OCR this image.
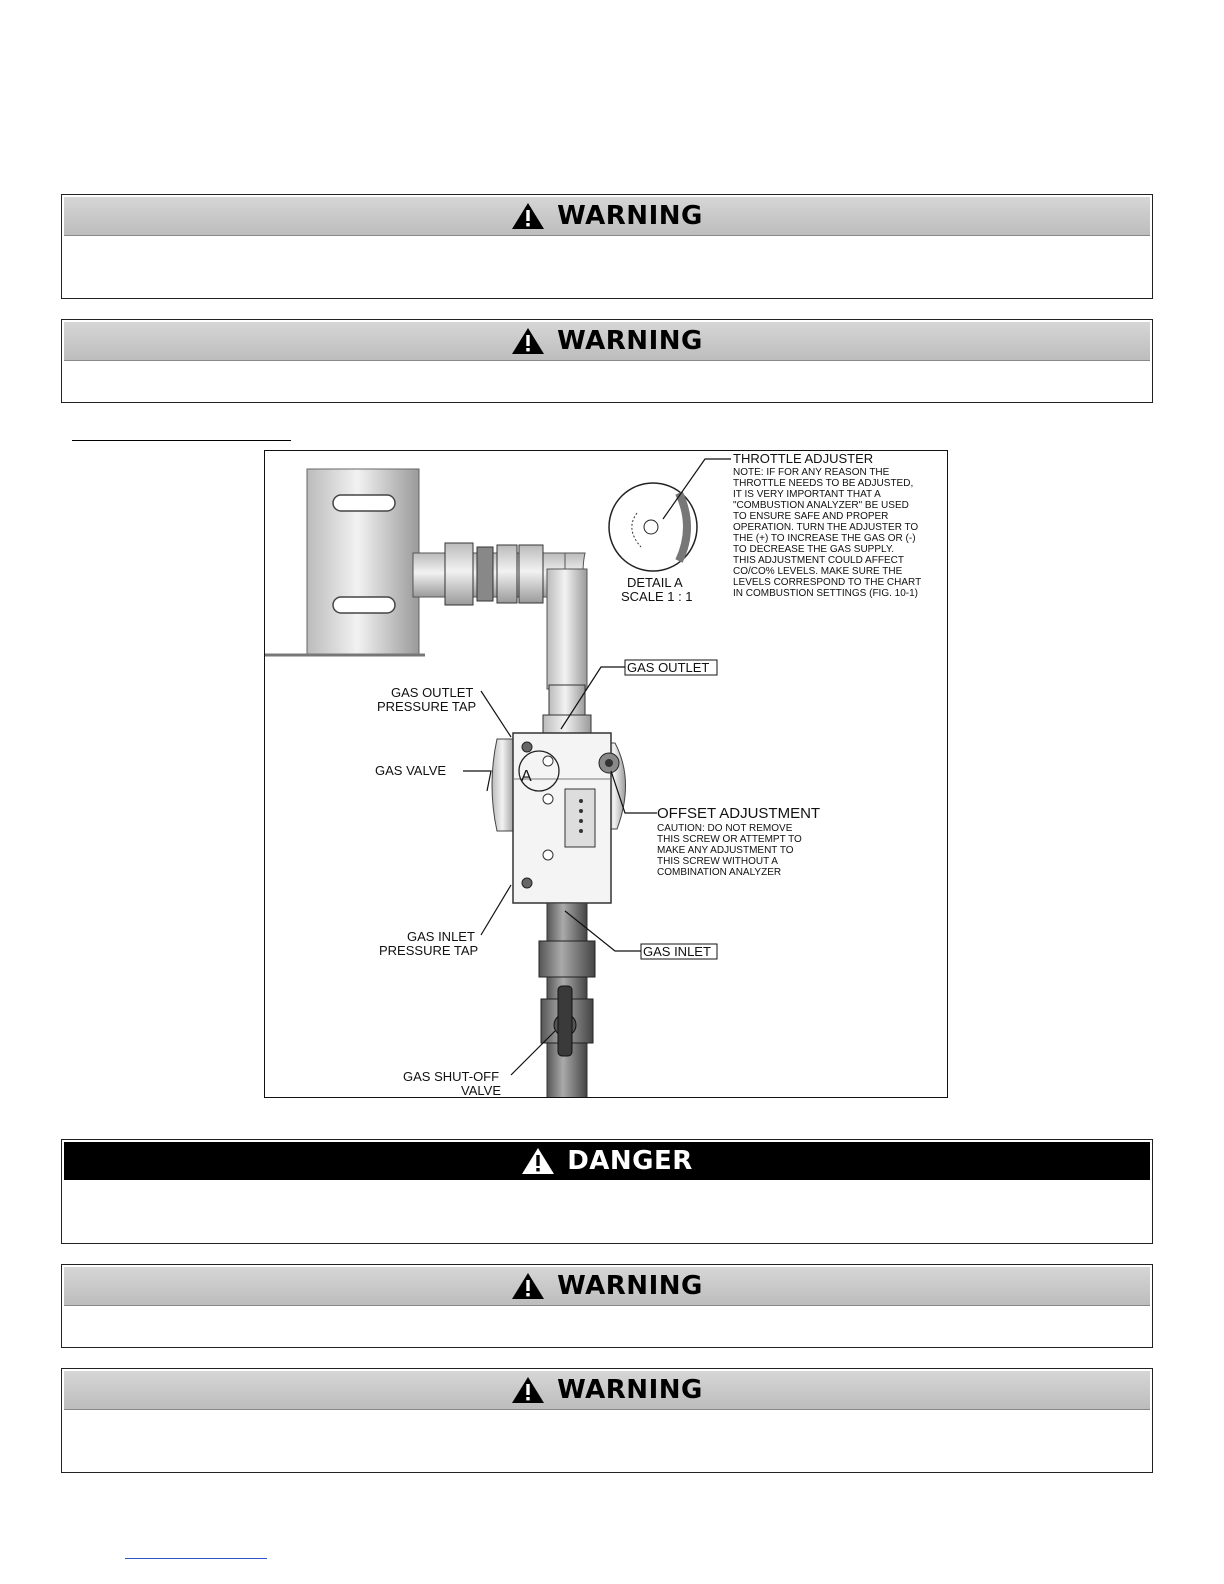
WARNING
WARNING
A
DETAIL A
SCALE 1 : 1
THROTTLE ADJUSTER
NOTE: IF FOR ANY REASON THE
THROTTLE NEEDS TO BE ADJUSTED,
IT IS VERY IMPORTANT THAT A
"COMBUSTION ANALYZER" BE USED
TO ENSURE SAFE AND PROPER
OPERATION. TURN THE ADJUSTER TO
THE (+) TO INCREASE THE GAS OR (-)
TO DECREASE THE GAS SUPPLY.
THIS ADJUSTMENT COULD AFFECT
CO/CO% LEVELS. MAKE SURE THE
LEVELS CORRESPOND TO THE CHART
IN COMBUSTION SETTINGS (FIG. 10-1)
GAS OUTLET
GAS OUTLET
PRESSURE TAP
GAS VALVE
OFFSET ADJUSTMENT
CAUTION: DO NOT REMOVE
THIS SCREW OR ATTEMPT TO
MAKE ANY ADJUSTMENT TO
THIS SCREW WITHOUT A
COMBINATION ANALYZER
GAS INLET
PRESSURE TAP	GAS INLET
GAS SHUT-OFF
VALVE
DANGER
WARNING
WARNING
